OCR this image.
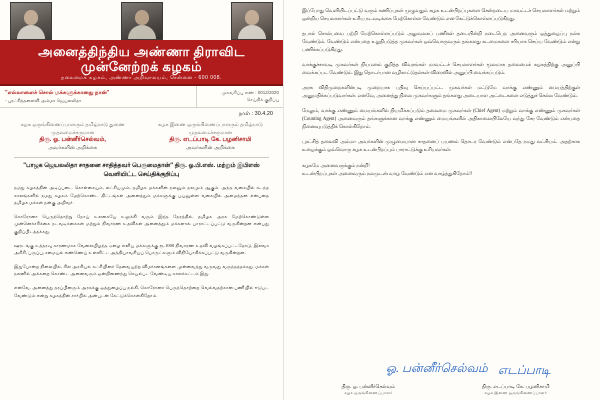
அனைத்திந்திய அண்ணா திராவிட முன்னேற்றக் கழகம்
தலைமைக் கழகம், அண்ணா அறிவாலயம், சென்னை - 600 008.
"எல்லாளைச் சொல் மக்களுக்கானது நான்"
- புரட்சித்தலைவி அம்மா ஜெயலலிதா
முகவரிப்பு எண் : 0012/2020
செய்திக் குறிப்பு
நாள் : 30.4.20
கழக ஒருங்கிணைப்பாளரும் தமிழ்நாடு துணை முதலமைச்சருமான
திரு. ஓ. பன்னீர்செல்வம்,
அவர்களின் அறிக்கை
கழக இணை ஒருங்கிணைப்பாளரும் தமிழ்நாடு முதலமைச்சருமான
திரு. எடப்பாடி கே. பழனிசாமி
அவர்களின் அறிக்கை
"பாஜக ஜெயலலிதா சாதனை சாதித்தவர் பெருமைதான்" திரு. ஓ.பி.எஸ். மற்றும் இபிஎஸ் வெளியிட்ட செய்திக்குறிப்பு

நமது கழகத்தின் அடிப்படை கொள்கையும், லட்சியமும், தமிழக மக்களின் நலனும் நலமும் ஆகும். அந்த வகையில் கடந்த காலங்களில் நமது கழகம் மேற்கொண்ட திட்டங்கள் அனைத்தும் மக்களுக்கு பயனுள்ள வகையில் அமைந்தன என்பதை தமிழக மக்கள் நன்கு அறிவர்.

கொரோனா பெருந்தொற்று நோய் உலகையே உலுக்கி வரும் இந்த நேரத்தில், தமிழக அரசு மேற்கொண்டுள்ள முன்னெச்சரிக்கை நடவடிக்கைகள் மற்றும் நிவாரண உதவிகள் அனைத்தும் மக்களால் பாராட்டப்பட்டு வருகின்றன என்பது குறிப்பிடத்தக்கது.

ஊரடங்கு உத்தரவு காரணமாக வேலையிழந்த ஏழை எளிய மக்களுக்கு ரூ.1000 நிவாரண உதவி வழங்கப்பட்டதோடு, இலவச அரிசி, பருப்பு, சமையல் எண்ணெய் உள்ளிட்ட அத்தியாவசியப் பொருட்களும் விநியோகிக்கப்பட்டு வருகின்றன.

இதுபோன்ற நிலையில், சில அரசியல் கட்சியினர் தேவையற்ற விமர்சனங்களை முன்வைத்து வருவது வருந்தத்தக்கது. மக்கள் நலனில் அக்கறை கொண்ட அனைவரும் ஒன்றிணைந்து செயல்பட வேண்டிய காலக்கட்டம் இது.

எனவே, அனைத்து தரப்பினரும் அரசுக்கு ஒத்துழைப்பு நல்கி, கொரோனா பெருந்தொற்றை வெல்வதற்கான பணியில் ஈடுபட வேண்டும் என்று கழகத்தின் சார்பில் அன்புடன் கேட்டுக்கொள்கிறோம்.

இப்போது வெளியிடப்பட்டு வரும் கணிப்புகள் முழுவதும் கழக உடன்பிறப்புகளை சென்றடைய மாவட்டச் செயலாளர்கள் மற்றும் ஒன்றிய செயலாளர்கள் உரிய நடவடிக்கை மேற்கொள்ள வேண்டும் என கேட்டுக்கொள்ளப்படுகிறது.

தபால் சொல்பவை பற்றி மேற்கொள்ளப்படும் அலுவலகப் பணிகள் தடையின்றி நடைபெற அனைவரும் ஒத்துழைப்பு நல்க வேண்டும். வேண்டும் என்பதை உறுதிபடுத்த முகவர்கள் ஒவ்வொருவரும் தங்களது கடமைகளை சரியாக செய்ய வேண்டும் என்று பணிக்கப்படுகிறது.

வாக்குச்சாவடி முகவர்கள் நியமனம் குறித்த விவரங்கள் மாவட்டச் செயலாளர்கள் மூலமாக தலைமைக் கழகத்திற்கு அனுப்பி வைக்கப்பட வேண்டும். இது தொடர்பான வழிகாட்டுதல்கள் விரைவில் அனுப்பி வைக்கப்படும்.

அரசு விதிமுறைகளின்படி முறையாக பதிவு செய்யப்பட்ட முகவர்கள் மட்டுமே வாக்கு எண்ணும் மையத்திற்குள் அனுமதிக்கப்படுவார்கள். எனவே, அனைத்து நிலை முகவர்களும் தங்களது அடையாள அட்டைகளை எடுத்துச் செல்ல வேண்டும்.

மேலும், வாக்கு எண்ணும் மையங்களில் நியமிக்கப்படும் தலைமை முகவர்கள் (Chief Agent) மற்றும் வாக்கு எண்ணும் முகவர்கள் (Counting Agent) அனைவரும் தங்களுக்கான வாக்கு எண்ணும் மையங்களில் அதிகாலையிலேயே வந்து சேர வேண்டும் என்பதை நினைவுபடுத்திக் கொள்கிறோம்.

புரட்சித் தலைவி அம்மா அவர்களின் முழுமையான சாதனைப் பயணம் தொடர வேண்டும் என்பதே நமது லட்சியம். அதற்காக உழைக்கும் ஒவ்வொரு கழக உடன்பிறப்பும் பாராட்டுக்கு உரியவர்கள்.

கழகமே அனைவருக்கும் நன்றி!
உடன்பிறப்புகள் அனைவரும் நலமுடன் வாழ வேண்டும் என வாழ்த்துகிறோம்!!
ஓ. பன்னீர்செல்வம் எடப்பாடி
திரு. ஓ. பன்னீர்செல்வம்
கழக ஒருங்கிணைப்பாளர்
திரு. எடப்பாடி கே. பழனிசாமி
கழக இணை ஒருங்கிணைப்பாளர்
